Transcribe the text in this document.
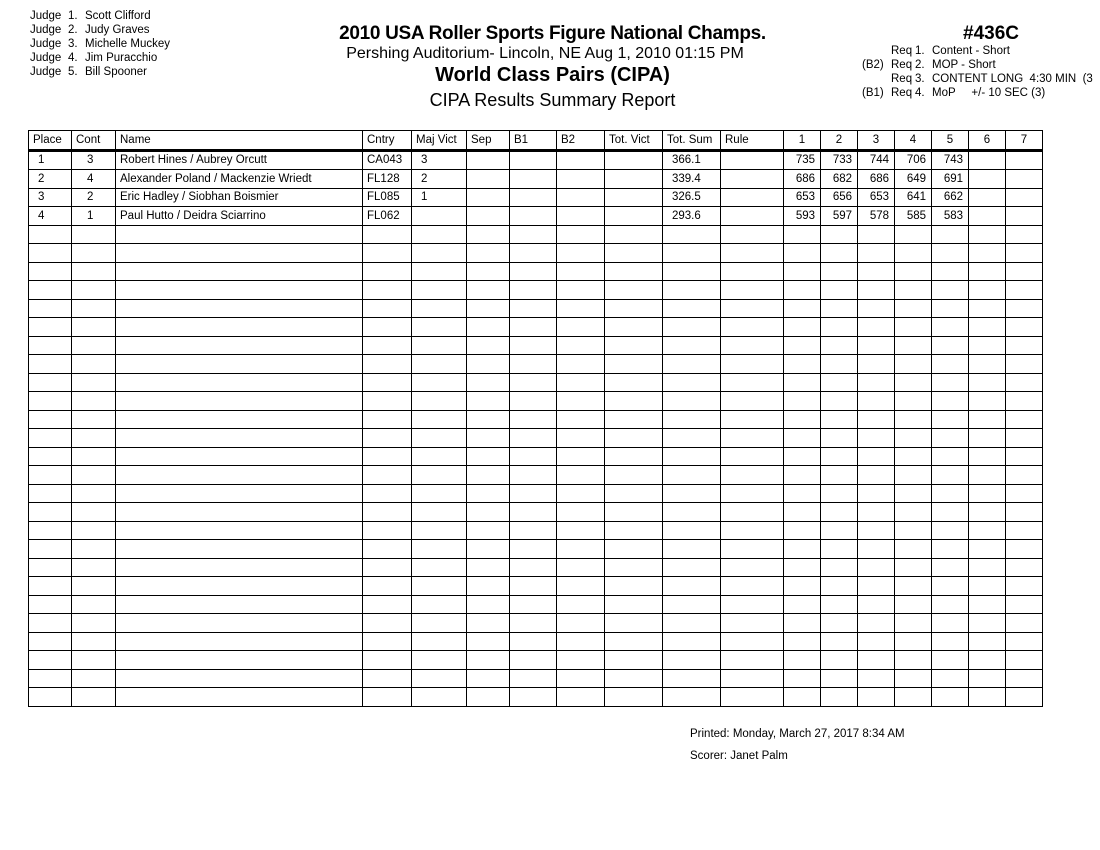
Judge 1. Scott Clifford
Judge 2. Judy Graves
Judge 3. Michelle Muckey
Judge 4. Jim Puracchio
Judge 5. Bill Spooner
2010 USA Roller Sports Figure National Champs.
Pershing Auditorium- Lincoln, NE Aug 1, 2010 01:15 PM
World Class Pairs (CIPA)
CIPA Results Summary Report
#436C
Req 1. Content - Short
(B2) Req 2. MOP - Short
Req 3. CONTENT LONG  4:30 MIN  (3
(B1) Req 4. MoP     +/- 10 SEC (3)
Place	Cont	Name	Cntry	Maj Vict	Sep	B1	B2	Tot. Vict	Tot. Sum	Rule	1	2	3	4	5	6	7
1	3	Robert Hines / Aubrey Orcutt	CA043	3					366.1		735	733	744	706	743		
2	4	Alexander Poland / Mackenzie Wriedt	FL128	2					339.4		686	682	686	649	691		
3	2	Eric Hadley / Siobhan Boismier	FL085	1					326.5		653	656	653	641	662		
4	1	Paul Hutto / Deidra Sciarrino	FL062						293.6		593	597	578	585	583		

Printed: Monday, March 27, 2017 8:34 AM
Scorer: Janet Palm
